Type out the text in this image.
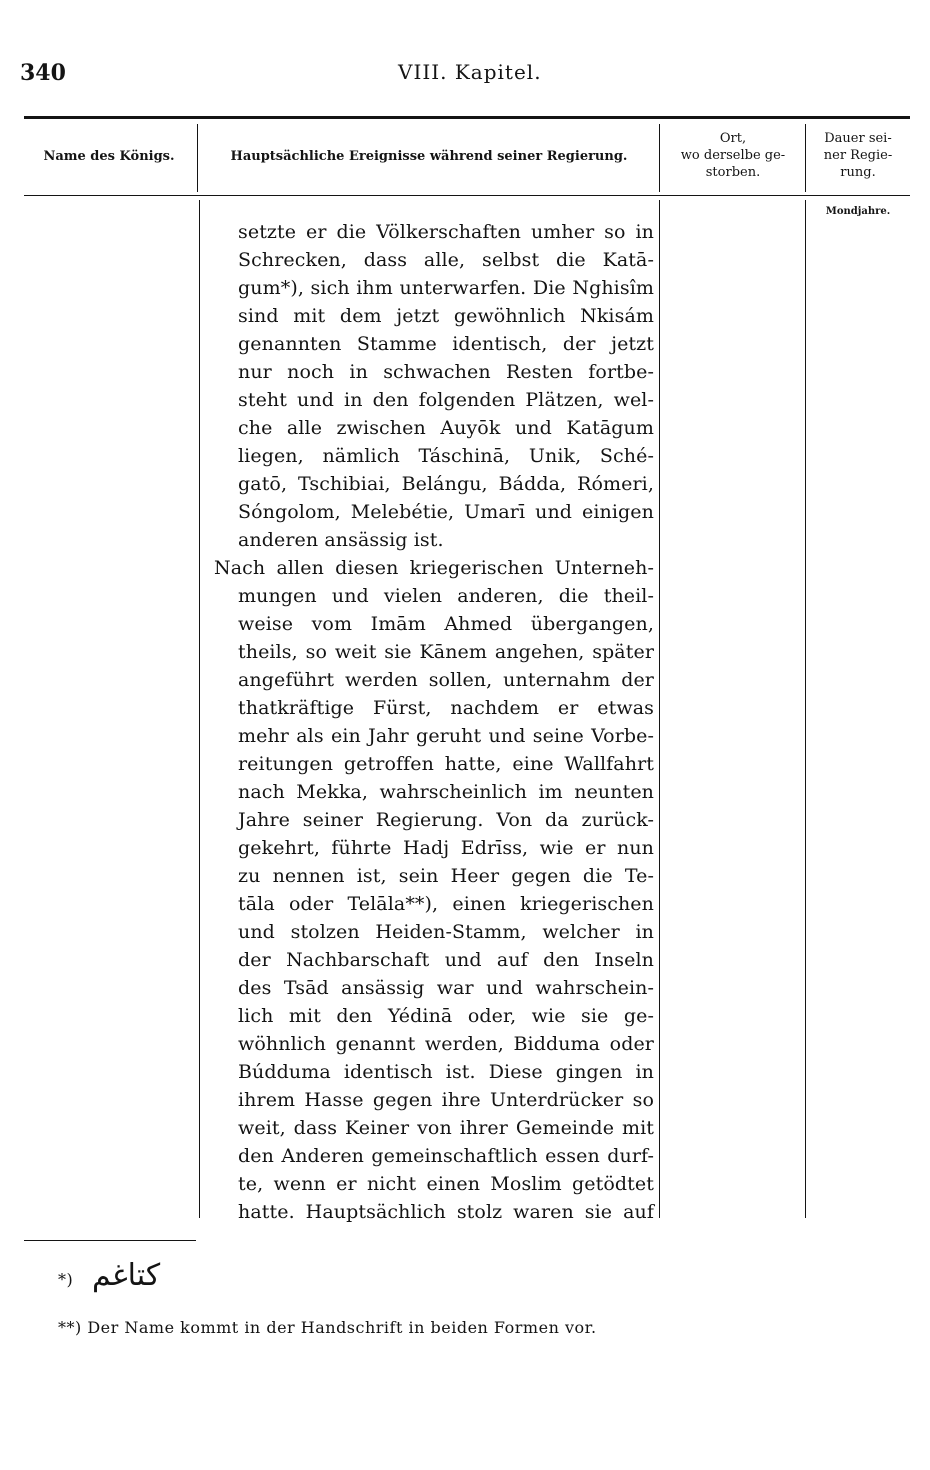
340	VIII. Kapitel.
Name des Königs.	Hauptsächliche Ereignisse während seiner Regierung.
Ort,
wo derselbe ge-
storben.
Dauer sei-
ner Regie-
rung.
Mondjahre.
setzte er die Völkerschaften umher so in
Schrecken, dass alle, selbst die Katā-
gum*), sich ihm unterwarfen. Die Nghisîm
sind mit dem jetzt gewöhnlich Nkisám
genannten Stamme identisch, der jetzt
nur noch in schwachen Resten fortbe-
steht und in den folgenden Plätzen, wel-
che alle zwischen Auyōk und Katāgum
liegen, nämlich Táschinā, Unik, Sché-
gatō, Tschibiai, Belángu, Bádda, Rómeri,
Sóngolom, Melebétie, Umarī und einigen
anderen ansässig ist.
Nach allen diesen kriegerischen Unterneh-
mungen und vielen anderen, die theil-
weise vom Imām Ahmed übergangen,
theils, so weit sie Kānem angehen, später
angeführt werden sollen, unternahm der
thatkräftige Fürst, nachdem er etwas
mehr als ein Jahr geruht und seine Vorbe-
reitungen getroffen hatte, eine Wallfahrt
nach Mekka, wahrscheinlich im neunten
Jahre seiner Regierung. Von da zurück-
gekehrt, führte Hadj Edrīss, wie er nun
zu nennen ist, sein Heer gegen die Te-
tāla oder Telāla**), einen kriegerischen
und stolzen Heiden-Stamm, welcher in
der Nachbarschaft und auf den Inseln
des Tsād ansässig war und wahrschein-
lich mit den Yédinā oder, wie sie ge-
wöhnlich genannt werden, Bidduma oder
Búdduma identisch ist. Diese gingen in
ihrem Hasse gegen ihre Unterdrücker so
weit, dass Keiner von ihrer Gemeinde mit
den Anderen gemeinschaftlich essen durf-
te, wenn er nicht einen Moslim getödtet
hatte. Hauptsächlich stolz waren sie auf
*) كتاغم
**) Der Name kommt in der Handschrift in beiden Formen vor.
